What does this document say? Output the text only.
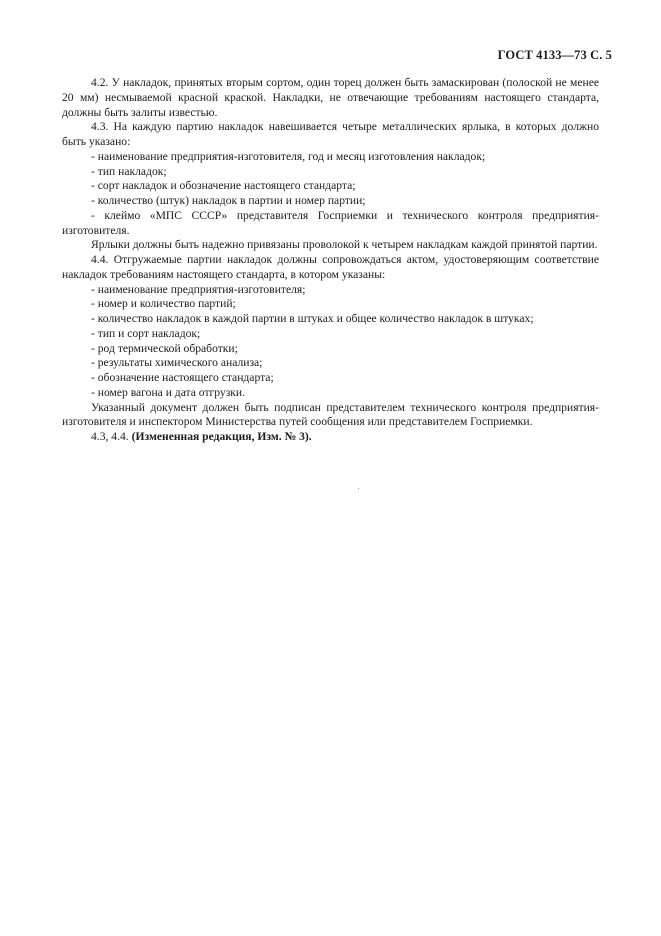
ГОСТ 4133—73 С. 5

4.2. У накладок, принятых вторым сортом, один торец должен быть замаскирован (полоской не менее 20 мм) несмываемой красной краской. Накладки, не отвечающие требованиям настоящего стандарта, должны быть залиты известью.

4.3. На каждую партию накладок навешивается четыре металлических ярлыка, в которых должно быть указано:

- наименование предприятия-изготовителя, год и месяц изготовления накладок;

- тип накладок;

- сорт накладок и обозначение настоящего стандарта;

- количество (штук) накладок в партии и номер партии;

- клеймо «МПС СССР» представителя Госприемки и технического контроля предприятия-изготовителя.

Ярлыки должны быть надежно привязаны проволокой к четырем накладкам каждой принятой партии.

4.4. Отгружаемые партии накладок должны сопровождаться актом, удостоверяющим соответствие накладок требованиям настоящего стандарта, в котором указаны:

- наименование предприятия-изготовителя;

- номер и количество партий;

- количество накладок в каждой партии в штуках и общее количество накладок в штуках;

- тип и сорт накладок;

- род термической обработки;

- результаты химического анализа;

- обозначение настоящего стандарта;

- номер вагона и дата отгрузки.

Указанный документ должен быть подписан представителем технического контроля предприятия-изготовителя и инспектором Министерства путей сообщения или представителем Госприемки.

4.3, 4.4. (Измененная редакция, Изм. № 3).
